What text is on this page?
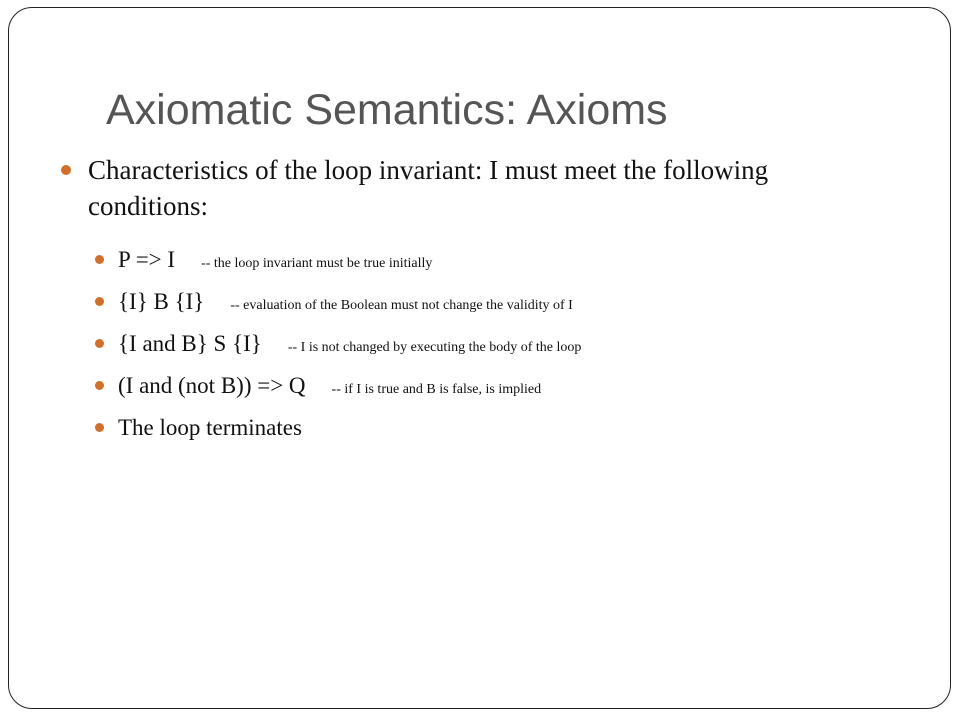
Axiomatic Semantics: Axioms
Characteristics of the loop invariant: I must meet the following conditions:
P => I -- the loop invariant must be true initially
{I} B {I} -- evaluation of the Boolean must not change the validity of I
{I and B} S {I} -- I is not changed by executing the body of the loop
(I and (not B)) => Q -- if I is true and B is false, is implied
The loop terminates
